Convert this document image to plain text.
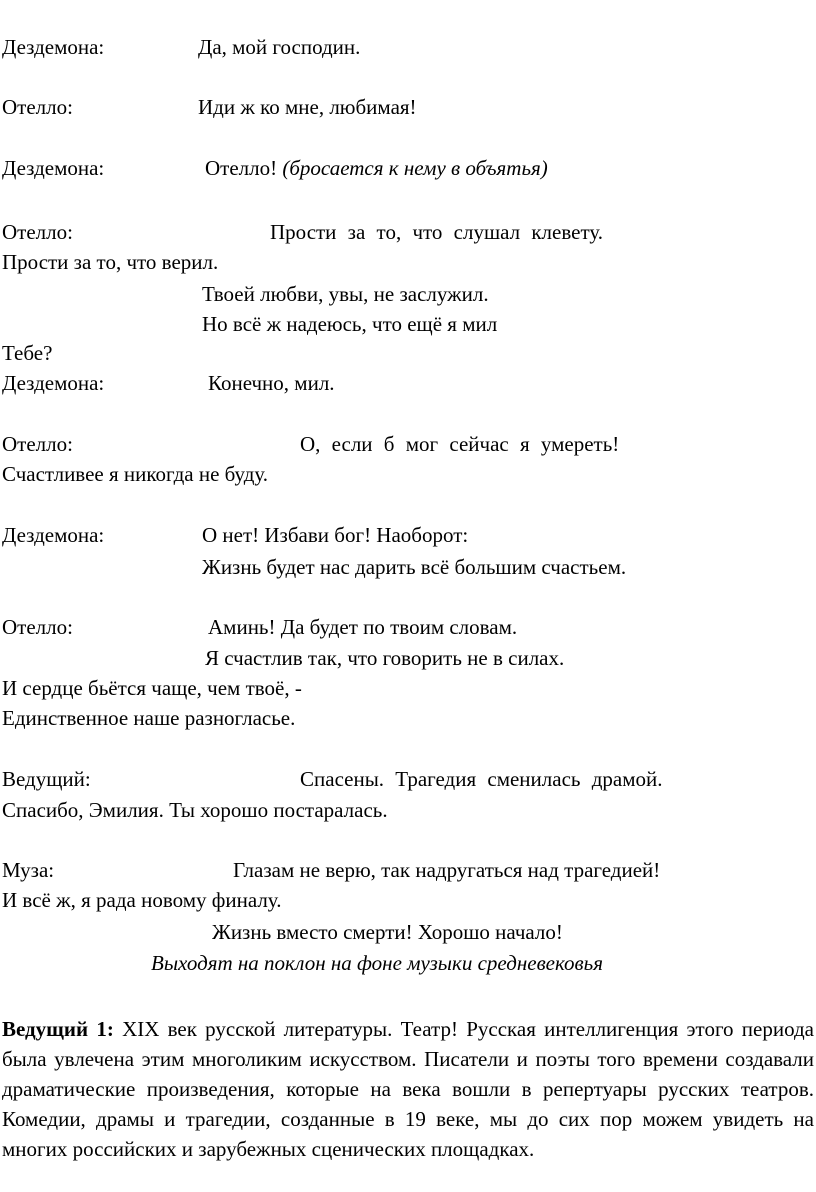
Дездемона:	Да, мой господин.
Отелло:	Иди ж ко мне, любимая!
Дездемона:	Отелло! (бросается к нему в объятья)
Отелло:	Прости за то, что слушал клевету.
Прости за то, что верил.
Твоей любви, увы, не заслужил.
Но всё ж надеюсь, что ещё я мил
Тебе?
Дездемона:	Конечно, мил.
Отелло:	О, если б мог сейчас я умереть!
Счастливее я никогда не буду.
Дездемона:	О нет! Избави бог! Наоборот:
Жизнь будет нас дарить всё большим счастьем.
Отелло:	Аминь! Да будет по твоим словам.
Я счастлив так, что говорить не в силах.
И сердце бьётся чаще, чем твоё, -
Единственное наше разногласье.
Ведущий:	Спасены. Трагедия сменилась драмой.
Спасибо, Эмилия. Ты хорошо постаралась.
Муза:	Глазам не верю, так надругаться над трагедией!
И всё ж, я рада новому финалу.
Жизнь вместо смерти! Хорошо начало!
Выходят на поклон на фоне музыки средневековья
Ведущий 1: XIX век русской литературы. Театр! Русская интеллигенция этого периода была увлечена этим многоликим искусством. Писатели и поэты того времени создавали драматические произведения, которые на века вошли в репертуары русских театров. Комедии, драмы и трагедии, созданные в 19 веке, мы до сих пор можем увидеть на многих российских и зарубежных сценических площадках.
